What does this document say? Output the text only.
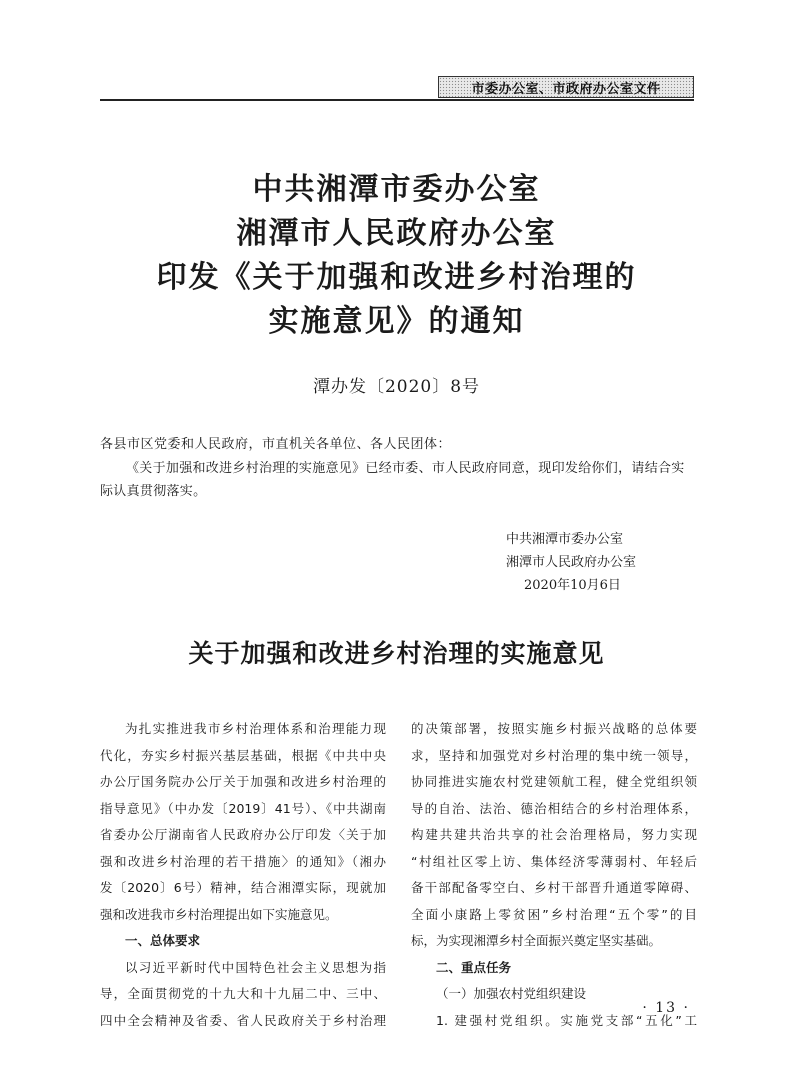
市委办公室、市政府办公室文件
中共湘潭市委办公室
湘潭市人民政府办公室
印发《关于加强和改进乡村治理的
实施意见》的通知
潭办发〔2020〕8号
各县市区党委和人民政府，市直机关各单位、各人民团体：
《关于加强和改进乡村治理的实施意见》已经市委、市人民政府同意，现印发给你们，请结合实
际认真贯彻落实。
中共湘潭市委办公室
湘潭市人民政府办公室
2020年10月6日
关于加强和改进乡村治理的实施意见
为扎实推进我市乡村治理体系和治理能力现
代化，夯实乡村振兴基层基础，根据《中共中央
办公厅国务院办公厅关于加强和改进乡村治理的
指导意见》（中办发〔2019〕41号）、《中共湖南
省委办公厅湖南省人民政府办公厅印发〈关于加
强和改进乡村治理的若干措施〉的通知》（湘办
发〔2020〕6号）精神，结合湘潭实际，现就加
强和改进我市乡村治理提出如下实施意见。
一、总体要求
以习近平新时代中国特色社会主义思想为指
导，全面贯彻党的十九大和十九届二中、三中、
四中全会精神及省委、省人民政府关于乡村治理
的决策部署，按照实施乡村振兴战略的总体要
求，坚持和加强党对乡村治理的集中统一领导，
协同推进实施农村党建领航工程，健全党组织领
导的自治、法治、德治相结合的乡村治理体系，
构建共建共治共享的社会治理格局，努力实现
“村组社区零上访、集体经济零薄弱村、年轻后
备干部配备零空白、乡村干部晋升通道零障碍、
全面小康路上零贫困”乡村治理“五个零”的目
标，为实现湘潭乡村全面振兴奠定坚实基础。
二、重点任务
（一）加强农村党组织建设
1. 建强村党组织。实施党支部“五化”工
· 13 ·
